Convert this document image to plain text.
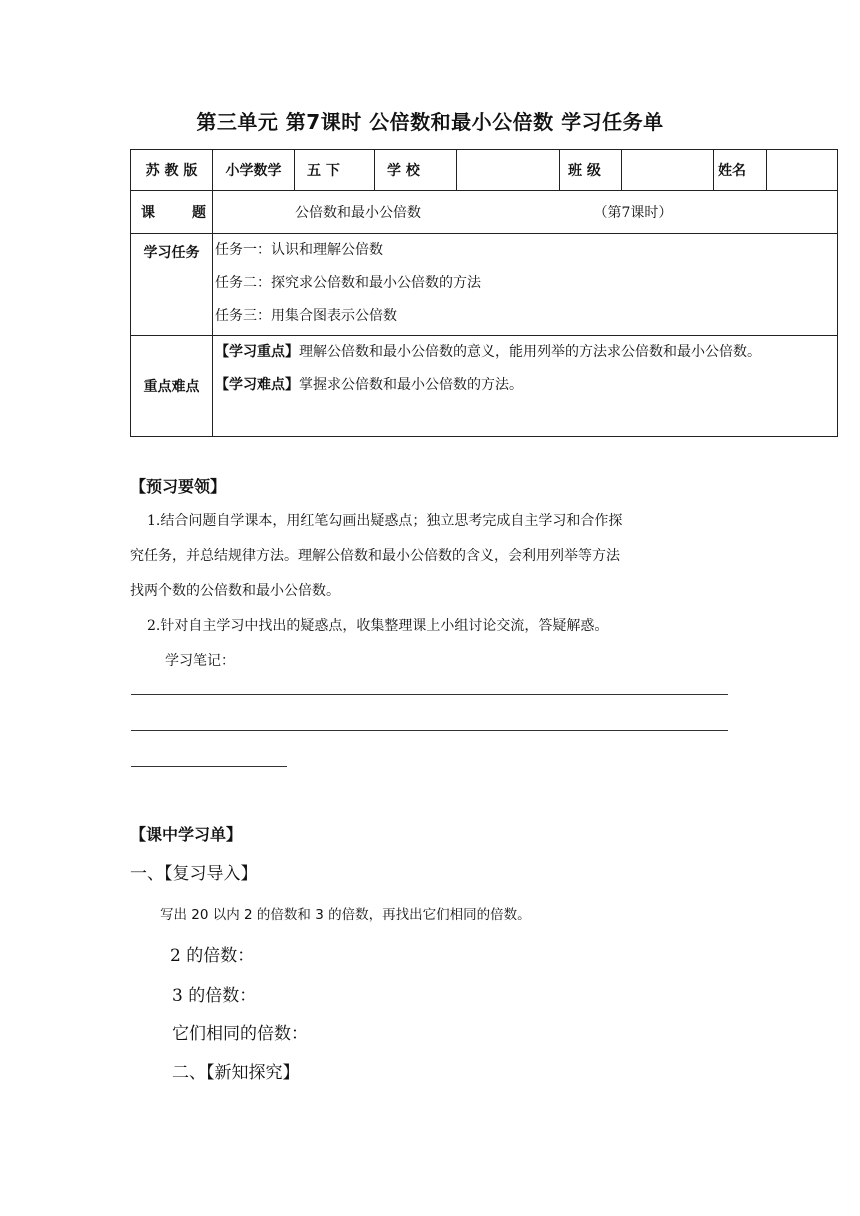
第三单元 第7课时 公倍数和最小公倍数 学习任务单
苏 教 版	小学数学	五 下	学 校		班 级		姓名	

课 题	公倍数和最小公倍数 （第7课时）							
学习任务	任务一：认识和理解公倍数
任务二：探究求公倍数和最小公倍数的方法
任务三：用集合图表示公倍数							

重点难点	【学习重点】理解公倍数和最小公倍数的意义，能用列举的方法求公倍数和最小公倍数。
【学习难点】掌握求公倍数和最小公倍数的方法。							
【预习要领】
1.结合问题自学课本，用红笔勾画出疑惑点；独立思考完成自主学习和合作探
究任务，并总结规律方法。理解公倍数和最小公倍数的含义，会利用列举等方法
找两个数的公倍数和最小公倍数。
2.针对自主学习中找出的疑惑点，收集整理课上小组讨论交流，答疑解惑。
学习笔记：
【课中学习单】
一、【复习导入】
写出 20 以内 2 的倍数和 3 的倍数，再找出它们相同的倍数。
2 的倍数：
3 的倍数：
它们相同的倍数：
二、【新知探究】
